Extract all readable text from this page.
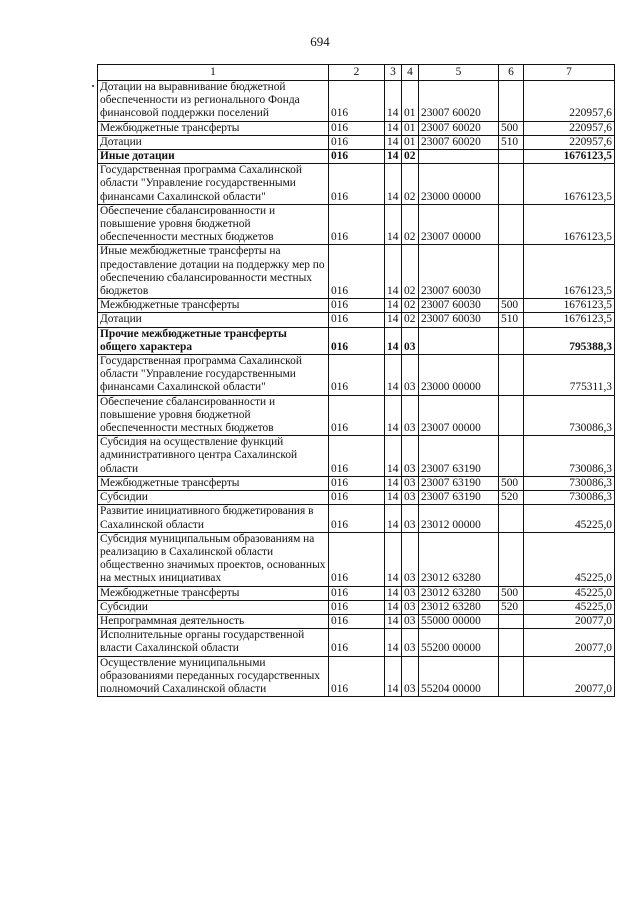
694
1	2	3	4	5	6	7
Дотации на выравнивание бюджетной обеспеченности из регионального Фонда финансовой поддержки поселений	016	14	01	23007 60020		220957,6
Межбюджетные трансферты	016	14	01	23007 60020	500	220957,6
Дотации	016	14	01	23007 60020	510	220957,6
Иные дотации	016	14	02			1676123,5
Государственная программа Сахалинской области "Управление государственными финансами Сахалинской области"	016	14	02	23000 00000		1676123,5
Обеспечение сбалансированности и повышение уровня бюджетной обеспеченности местных бюджетов	016	14	02	23007 00000		1676123,5
Иные межбюджетные трансферты на предоставление дотации на поддержку мер по обеспечению сбалансированности местных бюджетов	016	14	02	23007 60030		1676123,5
Межбюджетные трансферты	016	14	02	23007 60030	500	1676123,5
Дотации	016	14	02	23007 60030	510	1676123,5
Прочие межбюджетные трансферты общего характера	016	14	03			795388,3
Государственная программа Сахалинской области "Управление государственными финансами Сахалинской области"	016	14	03	23000 00000		775311,3
Обеспечение сбалансированности и повышение уровня бюджетной обеспеченности местных бюджетов	016	14	03	23007 00000		730086,3
Субсидия на осуществление функций административного центра Сахалинской области	016	14	03	23007 63190		730086,3
Межбюджетные трансферты	016	14	03	23007 63190	500	730086,3
Субсидии	016	14	03	23007 63190	520	730086,3
Развитие инициативного бюджетирования в Сахалинской области	016	14	03	23012 00000		45225,0
Субсидия муниципальным образованиям на реализацию в Сахалинской области общественно значимых проектов, основанных на местных инициативах	016	14	03	23012 63280		45225,0
Межбюджетные трансферты	016	14	03	23012 63280	500	45225,0
Субсидии	016	14	03	23012 63280	520	45225,0
Непрограммная деятельность	016	14	03	55000 00000		20077,0
Исполнительные органы государственной власти Сахалинской области	016	14	03	55200 00000		20077,0
Осуществление муниципальными образованиями переданных государственных полномочий Сахалинской области	016	14	03	55204 00000		20077,0
